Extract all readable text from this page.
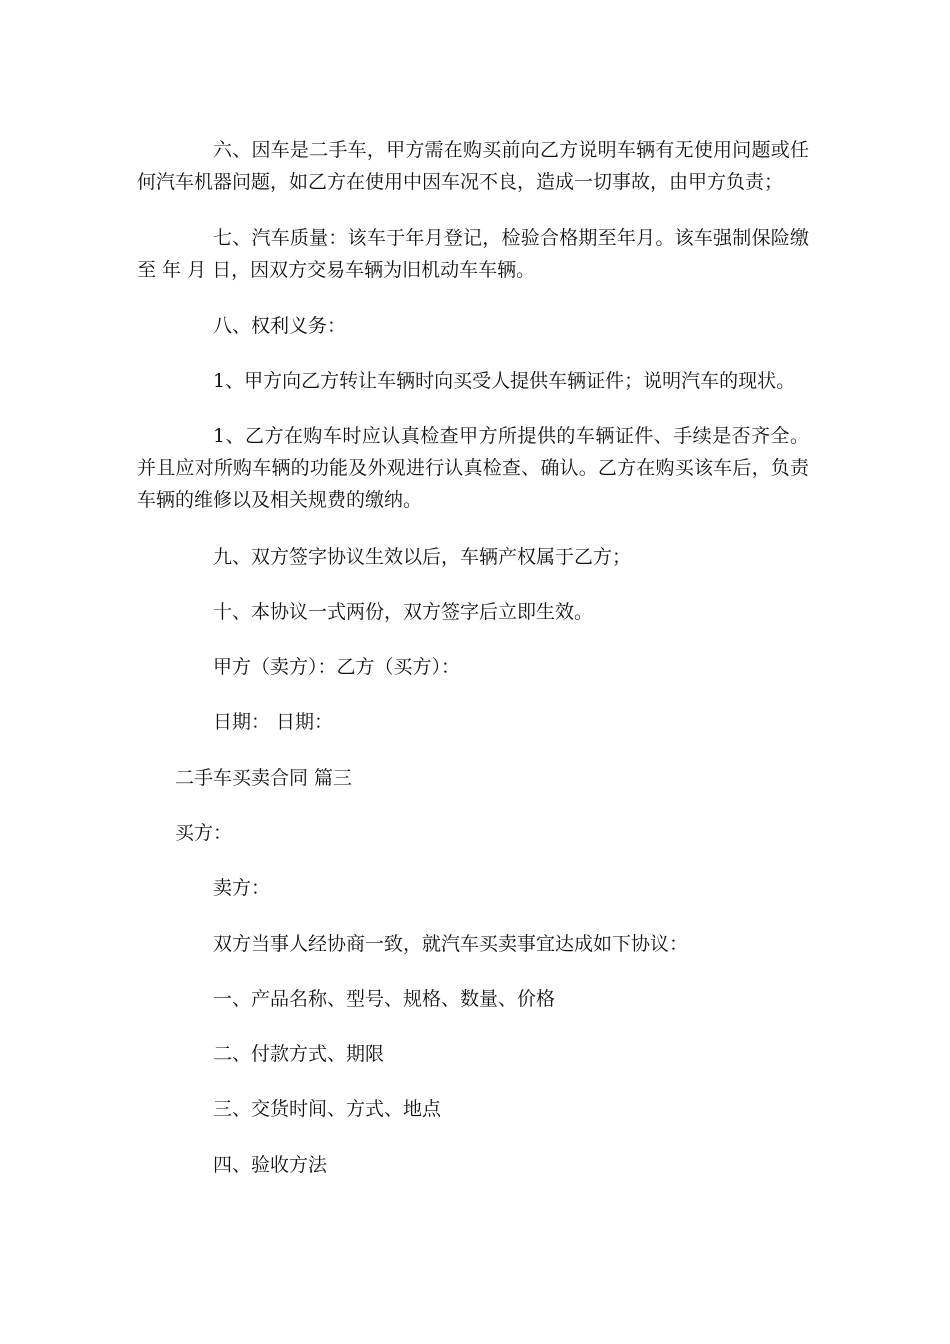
六、因车是二手车，甲方需在购买前向乙方说明车辆有无使用问题或任何汽车机器问题，如乙方在使用中因车况不良，造成一切事故，由甲方负责；

七、汽车质量：该车于年月登记，检验合格期至年月。该车强制保险缴至 年 月 日，因双方交易车辆为旧机动车车辆。

八、权利义务：

1、甲方向乙方转让车辆时向买受人提供车辆证件；说明汽车的现状。

1、乙方在购车时应认真检查甲方所提供的车辆证件、手续是否齐全。并且应对所购车辆的功能及外观进行认真检查、确认。乙方在购买该车后，负责车辆的维修以及相关规费的缴纳。

九、双方签字协议生效以后，车辆产权属于乙方；

十、本协议一式两份，双方签字后立即生效。

甲方（卖方）：乙方（买方）：

日期： 日期：

二手车买卖合同 篇三

买方：

卖方：

双方当事人经协商一致，就汽车买卖事宜达成如下协议：

一、产品名称、型号、规格、数量、价格

二、付款方式、期限

三、交货时间、方式、地点

四、验收方法
